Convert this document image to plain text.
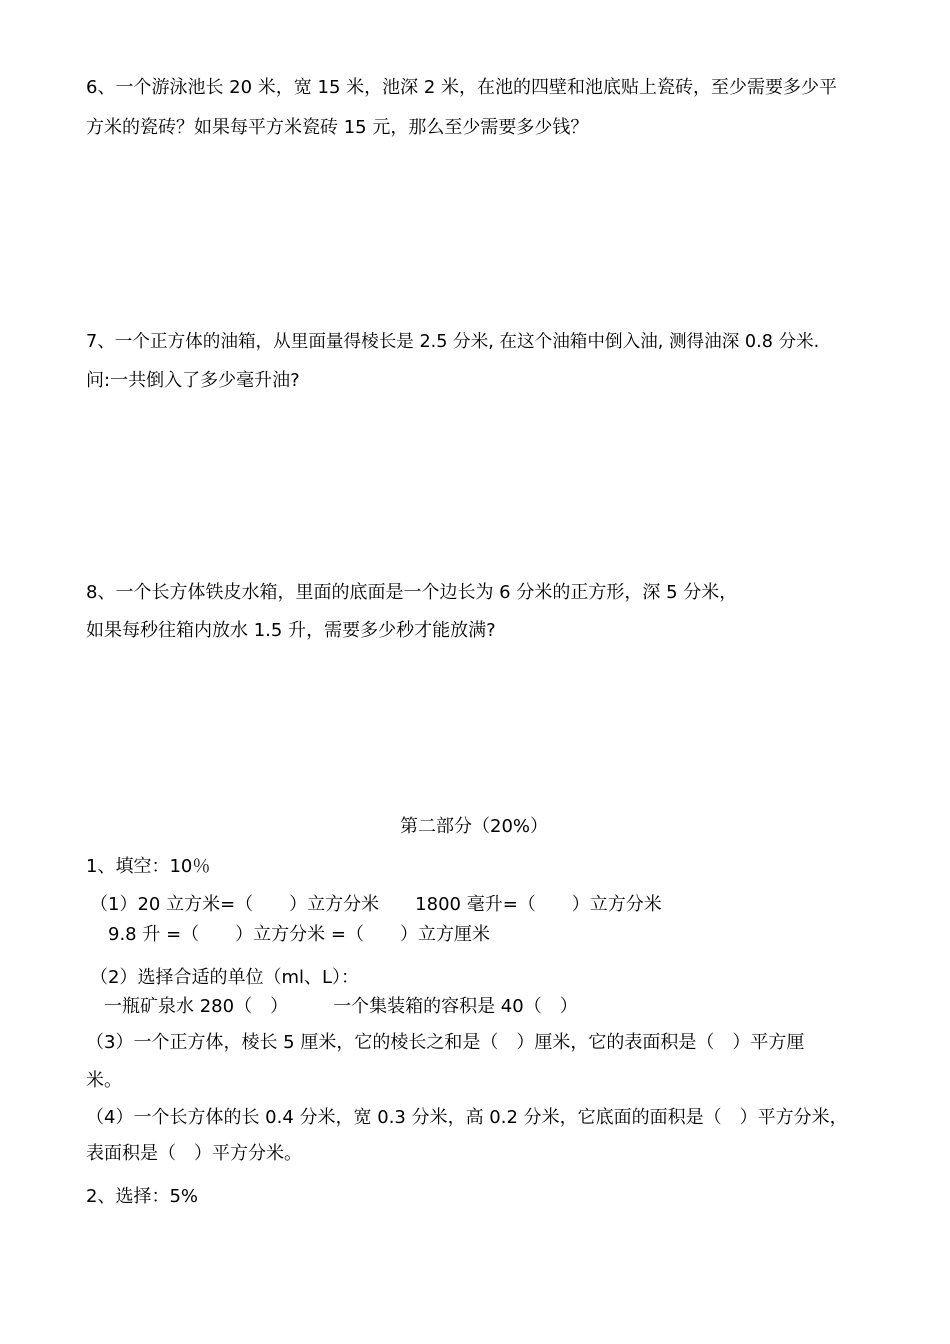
6、一个游泳池长 20 米，宽 15 米，池深 2 米，在池的四壁和池底贴上瓷砖，至少需要多少平
方米的瓷砖？如果每平方米瓷砖 15 元，那么至少需要多少钱？
7、一个正方体的油箱，从里面量得棱长是 2.5 分米, 在这个油箱中倒入油, 测得油深 0.8 分米.
问:一共倒入了多少毫升油?
8、一个长方体铁皮水箱，里面的底面是一个边长为 6 分米的正方形，深 5 分米，
如果每秒往箱内放水 1.5 升，需要多少秒才能放满?
第二部分（20%）
1、填空：10％
（1）20 立方米=（　　）立方分米　　1800 毫升=（　　）立方分米
9.8 升 =（　　）立方分米 =（　　）立方厘米
（2）选择合适的单位（ml、L）：
一瓶矿泉水 280（　）　　　一个集装箱的容积是 40（　）
（3）一个正方体，棱长 5 厘米，它的棱长之和是（　）厘米，它的表面积是（　）平方厘
米。
（4）一个长方体的长 0.4 分米，宽 0.3 分米，高 0.2 分米，它底面的面积是（　）平方分米，
表面积是（　）平方分米。
2、选择：5%
